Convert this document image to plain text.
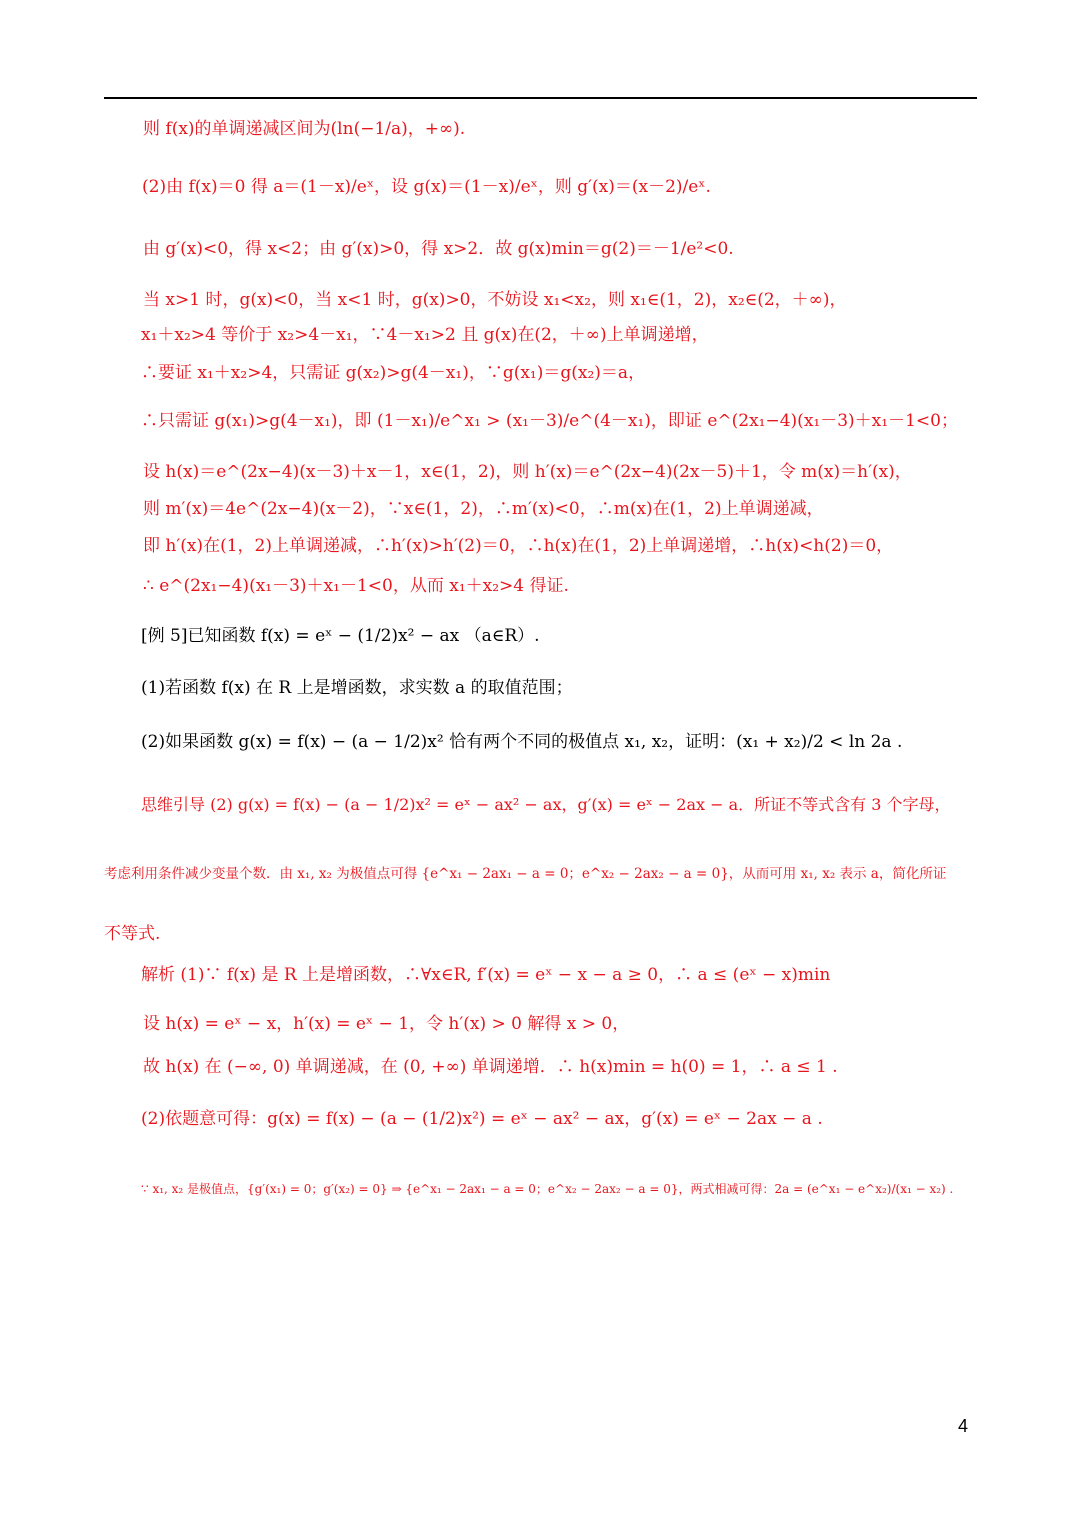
则 f(x)的单调递减区间为(ln(−1/a)，+∞).
(2)由 f(x)＝0 得 a＝(1－x)/eˣ，设 g(x)＝(1－x)/eˣ，则 g′(x)＝(x－2)/eˣ.
由 g′(x)<0，得 x<2；由 g′(x)>0，得 x>2．故 g(x)min＝g(2)＝－1/e²<0.
当 x>1 时，g(x)<0，当 x<1 时，g(x)>0，不妨设 x₁<x₂，则 x₁∈(1，2)，x₂∈(2，＋∞)，
x₁＋x₂>4 等价于 x₂>4－x₁，∵4－x₁>2 且 g(x)在(2，＋∞)上单调递增，
∴要证 x₁＋x₂>4，只需证 g(x₂)>g(4－x₁)，∵g(x₁)＝g(x₂)＝a，
∴只需证 g(x₁)>g(4－x₁)，即 (1－x₁)/e^x₁ > (x₁－3)/e^(4－x₁)，即证 e^(2x₁−4)(x₁－3)＋x₁－1<0；
设 h(x)＝e^(2x−4)(x－3)＋x－1，x∈(1，2)，则 h′(x)＝e^(2x−4)(2x－5)＋1，令 m(x)＝h′(x)，
则 m′(x)＝4e^(2x−4)(x－2)，∵x∈(1，2)，∴m′(x)<0，∴m(x)在(1，2)上单调递减，
即 h′(x)在(1，2)上单调递减，∴h′(x)>h′(2)＝0，∴h(x)在(1，2)上单调递增，∴h(x)<h(2)＝0，
∴ e^(2x₁−4)(x₁－3)＋x₁－1<0，从而 x₁＋x₂>4 得证.
[例 5]已知函数 f(x) = eˣ − (1/2)x² − ax （a∈R）.
(1)若函数 f(x) 在 R 上是增函数，求实数 a 的取值范围；
(2)如果函数 g(x) = f(x) − (a − 1/2)x² 恰有两个不同的极值点 x₁, x₂，证明：(x₁ + x₂)/2 < ln 2a .
思维引导 (2) g(x) = f(x) − (a − 1/2)x² = eˣ − ax² − ax，g′(x) = eˣ − 2ax − a．所证不等式含有 3 个字母，
考虑利用条件减少变量个数．由 x₁, x₂ 为极值点可得 {e^x₁ − 2ax₁ − a = 0；e^x₂ − 2ax₂ − a = 0}，从而可用 x₁, x₂ 表示 a，简化所证
不等式.
解析 (1)∵ f(x) 是 R 上是增函数，∴∀x∈R, f′(x) = eˣ − x − a ≥ 0，∴ a ≤ (eˣ − x)min
设 h(x) = eˣ − x，h′(x) = eˣ − 1，令 h′(x) > 0 解得 x > 0，
故 h(x) 在 (−∞, 0) 单调递减，在 (0, +∞) 单调递增．∴ h(x)min = h(0) = 1，∴ a ≤ 1 .
(2)依题意可得：g(x) = f(x) − (a − (1/2)x²) = eˣ − ax² − ax，g′(x) = eˣ − 2ax − a .
∵ x₁, x₂ 是极值点，{g′(x₁) = 0；g′(x₂) = 0} ⇒ {e^x₁ − 2ax₁ − a = 0；e^x₂ − 2ax₂ − a = 0}，两式相减可得：2a = (e^x₁ − e^x₂)/(x₁ − x₂) .
4
